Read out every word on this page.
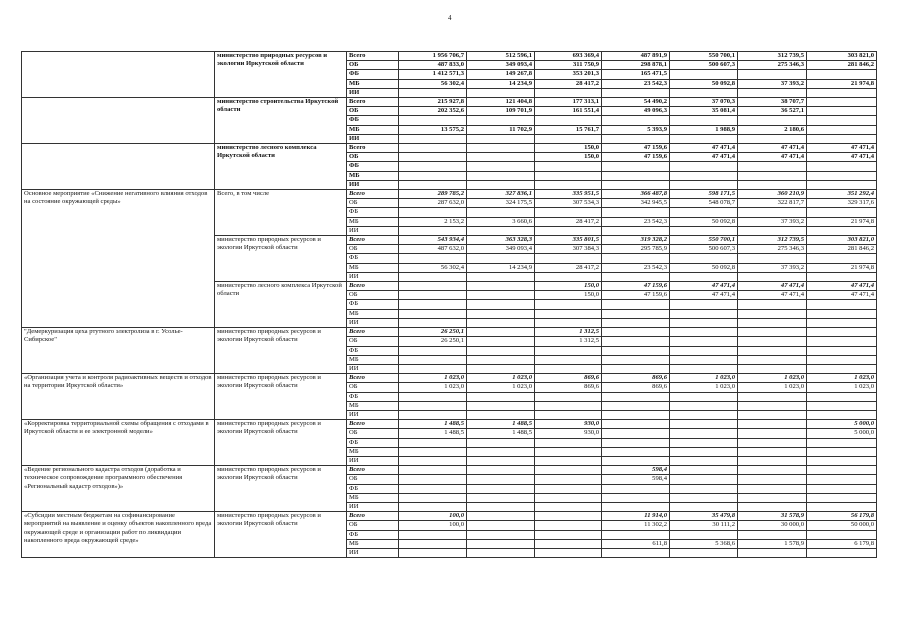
4
	министерство природных ресурсов и экологии Иркутской области	Всего	1 956 706,7	512 596,1	693 369,4	487 891,9	550 700,1	312 739,5	303 821,0
		ОБ	487 833,0	349 093,4	311 750,9	298 878,1	500 607,3	275 346,3	281 846,2
		ФБ	1 412 571,3	149 267,8	353 201,3	165 471,5			
		МБ	56 302,4	14 234,9	28 417,2	23 542,3	50 092,8	37 393,2	21 974,8
		ИИ							
	министерство строительства Иркутской области	Всего	215 927,8	121 404,8	177 313,1	54 490,2	37 070,3	38 707,7	
		ОБ	202 352,6	109 701,9	161 551,4	49 096,3	35 081,4	36 527,1	
		ФБ							
		МБ	13 575,2	11 702,9	15 761,7	5 393,9	1 988,9	2 180,6	
		ИИ							
	министерство лесного комплекса Иркутской области	Всего			150,0	47 159,6	47 471,4	47 471,4	47 471,4
		ОБ			150,0	47 159,6	47 471,4	47 471,4	47 471,4
		ФБ							
		МБ							
		ИИ							
Основное мероприятие «Снижение негативного влияния отходов на состояние окружающей среды»	Всего, в том числе	Всего	289 785,2	327 836,1	335 951,5	366 487,8	598 171,5	360 210,9	351 292,4
		ОБ	287 632,0	324 175,5	307 534,3	342 945,5	548 078,7	322 817,7	329 317,6
		ФБ							
		МБ	2 153,2	3 660,6	28 417,2	23 542,3	50 092,8	37 393,2	21 974,8
		ИИ							
	министерство природных ресурсов и экологии Иркутской области	Всего	543 934,4	363 328,3	335 801,5	319 328,2	550 700,1	312 739,5	303 821,0
		ОБ	487 632,0	349 093,4	307 384,3	295 785,9	500 607,3	275 346,3	281 846,2
		ФБ							
		МБ	56 302,4	14 234,9	28 417,2	23 542,3	50 092,8	37 393,2	21 974,8
		ИИ							
	министерство лесного комплекса Иркутской области	Всего			150,0	47 159,6	47 471,4	47 471,4	47 471,4
		ОБ			150,0	47 159,6	47 471,4	47 471,4	47 471,4
		ФБ							
		МБ							
		ИИ							
"Демеркуризация цеха ртутного электролиза в г. Усолье-Сибирское"	министерство природных ресурсов и экологии Иркутской области	Всего	26 250,1		1 312,5				
		ОБ	26 250,1		1 312,5				
		ФБ							
		МБ							
		ИИ							
«Организация учета и контроля радиоактивных веществ и отходов на территории Иркутской области»	министерство природных ресурсов и экологии Иркутской области	Всего	1 023,0	1 023,0	869,6	869,6	1 023,0	1 023,0	1 023,0
		ОБ	1 023,0	1 023,0	869,6	869,6	1 023,0	1 023,0	1 023,0
		ФБ							
		МБ							
		ИИ							
«Корректировка территориальной схемы обращения с отходами в Иркутской области и ее электронной модели»	министерство природных ресурсов и экологии Иркутской области	Всего	1 488,5	1 488,5	930,0				5 000,0
		ОБ	1 488,5	1 488,5	930,0				5 000,0
		ФБ							
		МБ							
		ИИ							
«Ведение регионального кадастра отходов (доработка и техническое сопровождение программного обеспечения «Региональный кадастр отходов»)»	министерство природных ресурсов и экологии Иркутской области	Всего				598,4			
		ОБ				598,4			
		ФБ							
		МБ							
		ИИ							
«Субсидии местным бюджетам на софинансирование мероприятий на выявление и оценку объектов накопленного вреда окружающей среде и организации работ по ликвидации накопленного вреда окружающей среде»	министерство природных ресурсов и экологии Иркутской области	Всего	100,0			11 914,0	35 479,8	31 578,9	56 179,8
		ОБ	100,0			11 302,2	30 111,2	30 000,0	50 000,0
		ФБ							
		МБ				611,8	5 368,6	1 578,9	6 179,8
		ИИ							
